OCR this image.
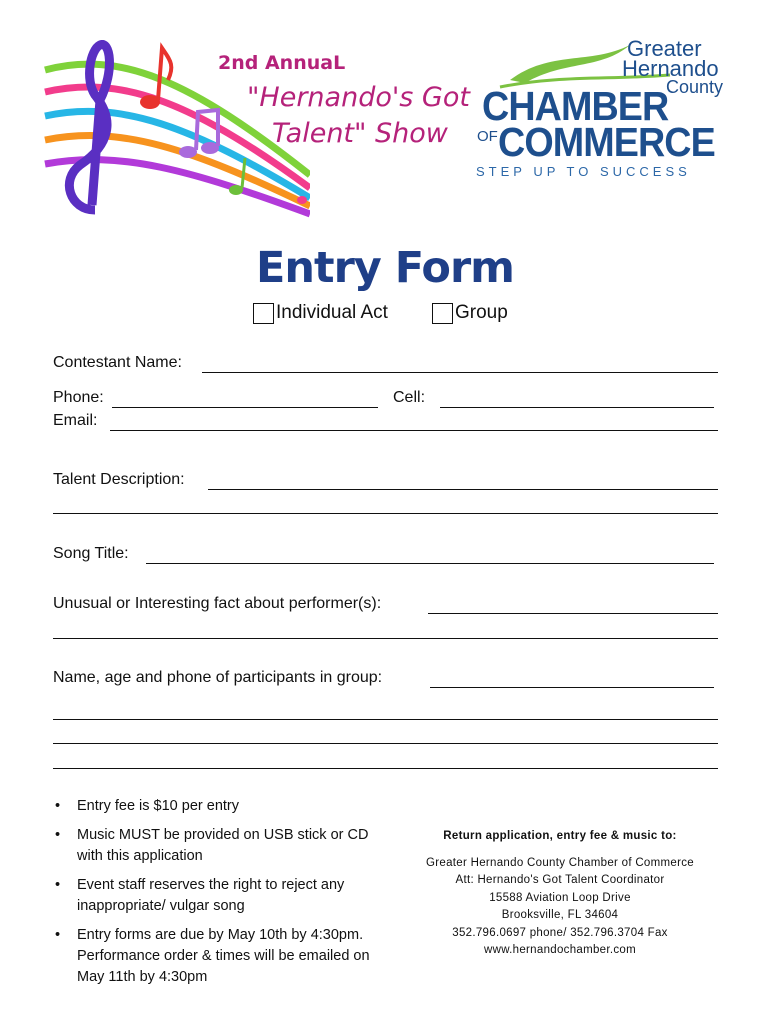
2nd AnnuaL
"Hernando's Got
Talent" Show
Greater
Hernando
County
CHAMBER
OF COMMERCE
STEP UP TO SUCCESS
Entry Form
Individual Act	Group
Contestant Name:
Phone:	Cell:
Email:
Talent Description:
Song Title:
Unusual or Interesting fact about performer(s):
Name, age and phone of participants in group:
• Entry fee is $10 per entry
• Music MUST be provided on USB stick or CD with this application
• Event staff reserves the right to reject any inappropriate/ vulgar song
• Entry forms are due by May 10th by 4:30pm. Performance order & times will be emailed on May 11th by 4:30pm
Return application, entry fee & music to:
Greater Hernando County Chamber of Commerce
Att: Hernando's Got Talent Coordinator
15588 Aviation Loop Drive
Brooksville, FL 34604
352.796.0697 phone/ 352.796.3704 Fax
www.hernandochamber.com
